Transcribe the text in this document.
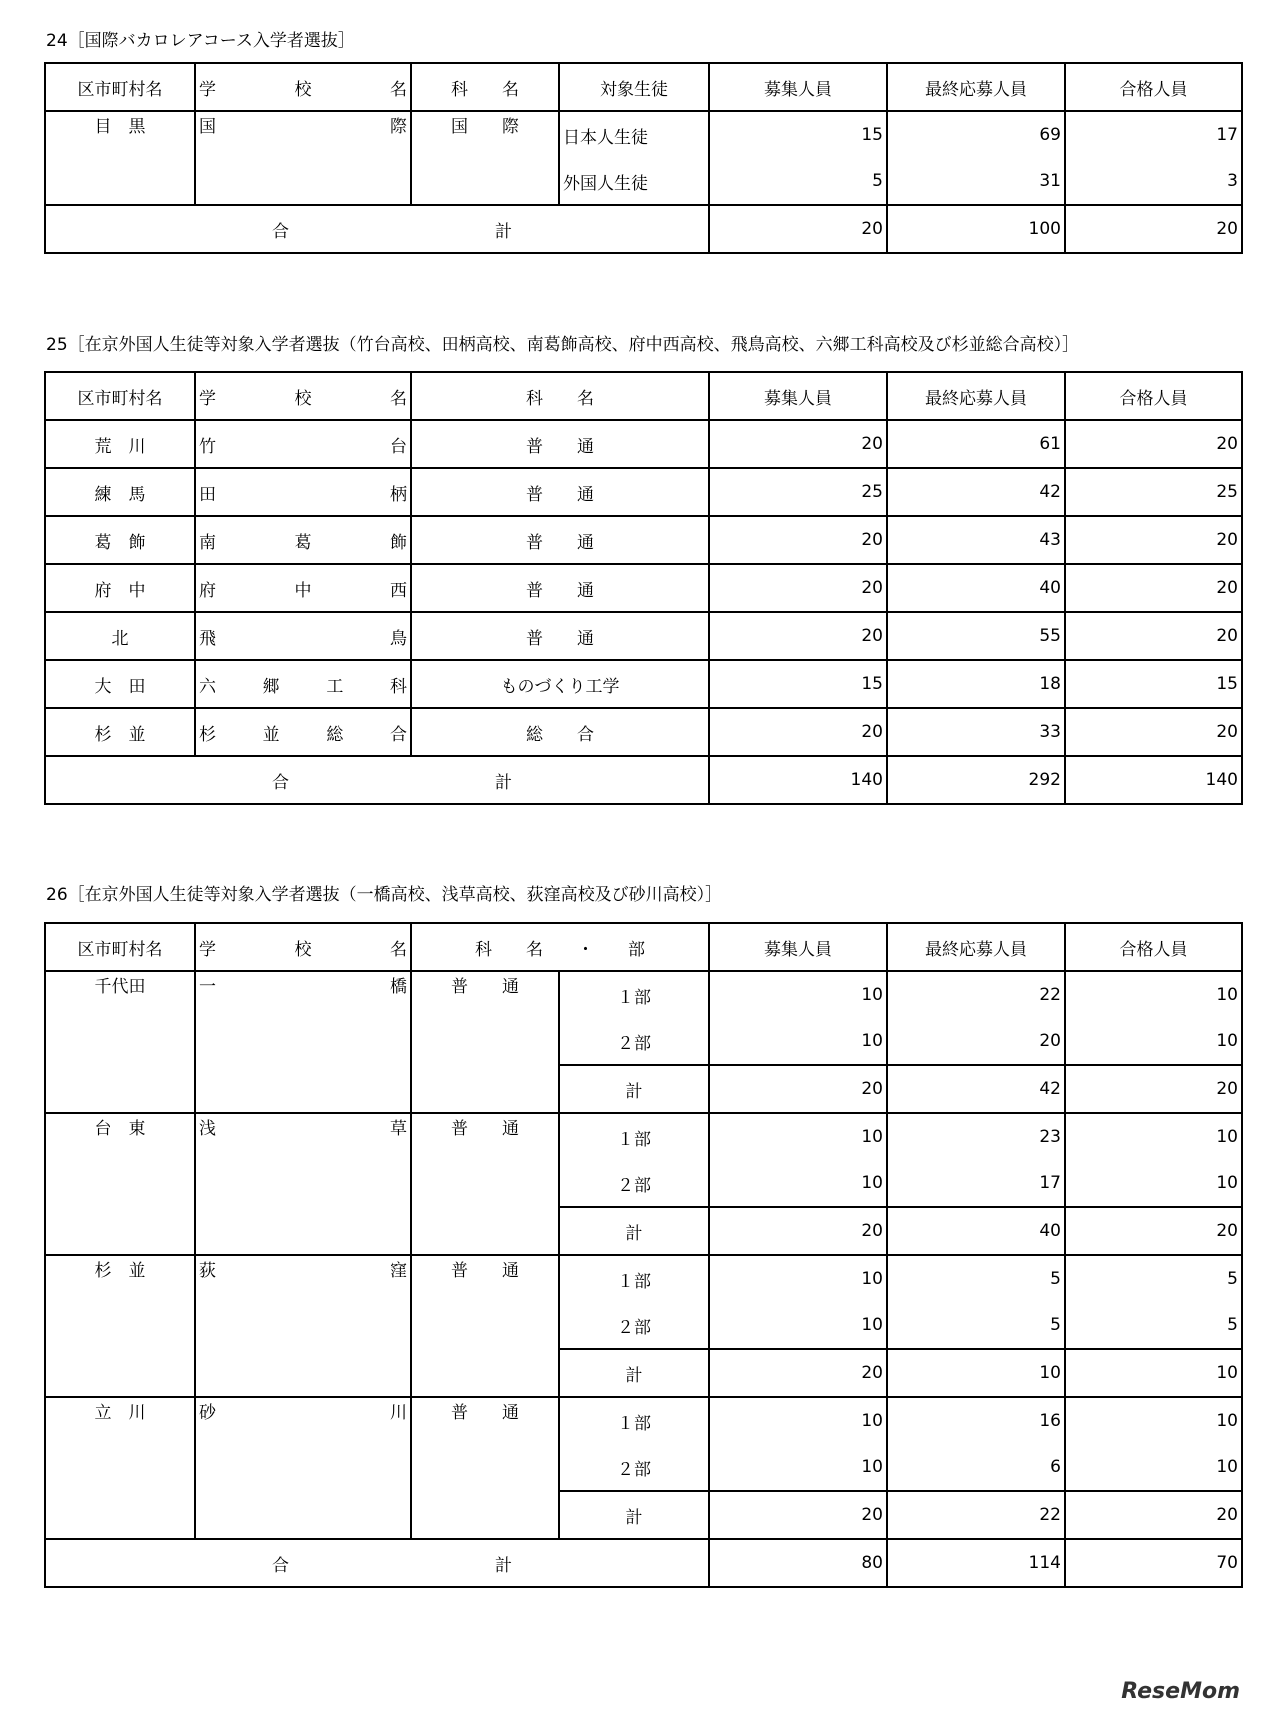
24［国際バカロレアコース入学者選抜］
区市町村名	学 校 名	科　　名	対象生徒	募集人員	最終応募人員	合格人員
目　黒	国 際	国　　際	日本人生徒	15	69	17
			外国人生徒	5	31	3

合 計				20	100	20
25［在京外国人生徒等対象入学者選抜（竹台高校、田柄高校、南葛飾高校、府中西高校、飛鳥高校、六郷工科高校及び杉並総合高校）］
区市町村名	学 校 名	科　　名	募集人員	最終応募人員	合格人員
荒　川	竹 台	普　　通	20	61	20
練　馬	田 柄	普　　通	25	42	25
葛　飾	南 葛 飾	普　　通	20	43	20
府　中	府 中 西	普　　通	20	40	20
北	飛 鳥	普　　通	20	55	20
大　田	六 郷 工 科	ものづくり工学	15	18	15
杉　並	杉 並 総 合	総　　合	20	33	20

合 計			140	292	140
26［在京外国人生徒等対象入学者選抜（一橋高校、浅草高校、荻窪高校及び砂川高校）］
区市町村名	学 校 名	科　　名　　・　　部		募集人員	最終応募人員	合格人員
千代田	一 橋	普　　通	１部	10	22	10
			２部	10	20	10
			計	20	42	20
台　東	浅 草	普　　通	１部	10	23	10
			２部	10	17	10
			計	20	40	20
杉　並	荻 窪	普　　通	１部	10	5	5
			２部	10	5	5
			計	20	10	10
立　川	砂 川	普　　通	１部	10	16	10
			２部	10	6	10
			計	20	22	20

合 計				80	114	70
ReseMom
